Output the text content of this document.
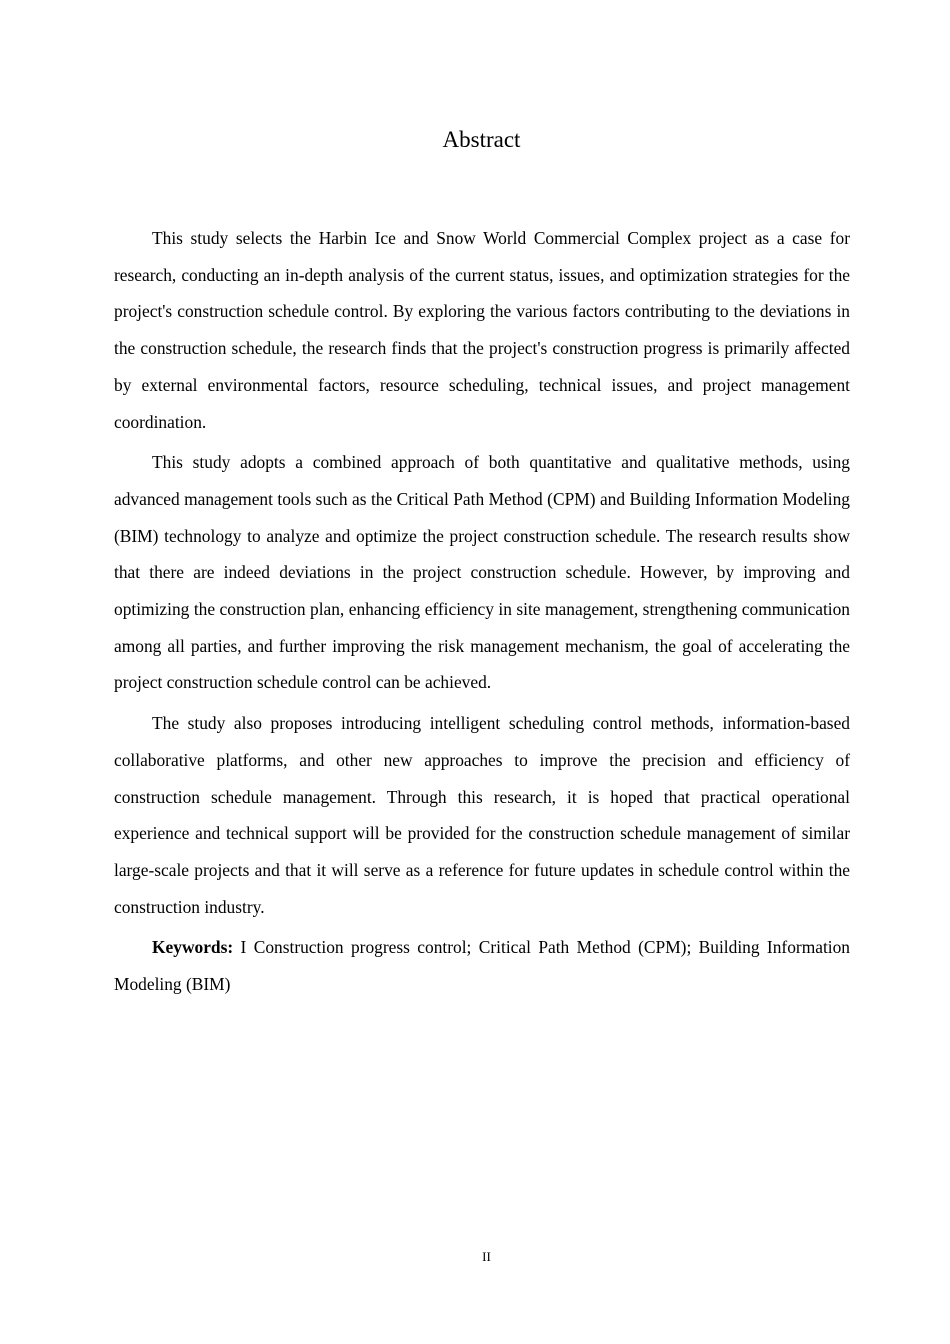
Abstract

This study selects the Harbin Ice and Snow World Commercial Complex project as a case for research, conducting an in-depth analysis of the current status, issues, and optimization strategies for the project's construction schedule control. By exploring the various factors contributing to the deviations in the construction schedule, the research finds that the project's construction progress is primarily affected by external environmental factors, resource scheduling, technical issues, and project management coordination.

This study adopts a combined approach of both quantitative and qualitative methods, using advanced management tools such as the Critical Path Method (CPM) and Building Information Modeling (BIM) technology to analyze and optimize the project construction schedule. The research results show that there are indeed deviations in the project construction schedule. However, by improving and optimizing the construction plan, enhancing efficiency in site management, strengthening communication among all parties, and further improving the risk management mechanism, the goal of accelerating the project construction schedule control can be achieved.

The study also proposes introducing intelligent scheduling control methods, information-based collaborative platforms, and other new approaches to improve the precision and efficiency of construction schedule management. Through this research, it is hoped that practical operational experience and technical support will be provided for the construction schedule management of similar large-scale projects and that it will serve as a reference for future updates in schedule control within the construction industry.

Keywords: I Construction progress control; Critical Path Method (CPM); Building Information Modeling (BIM)

II
